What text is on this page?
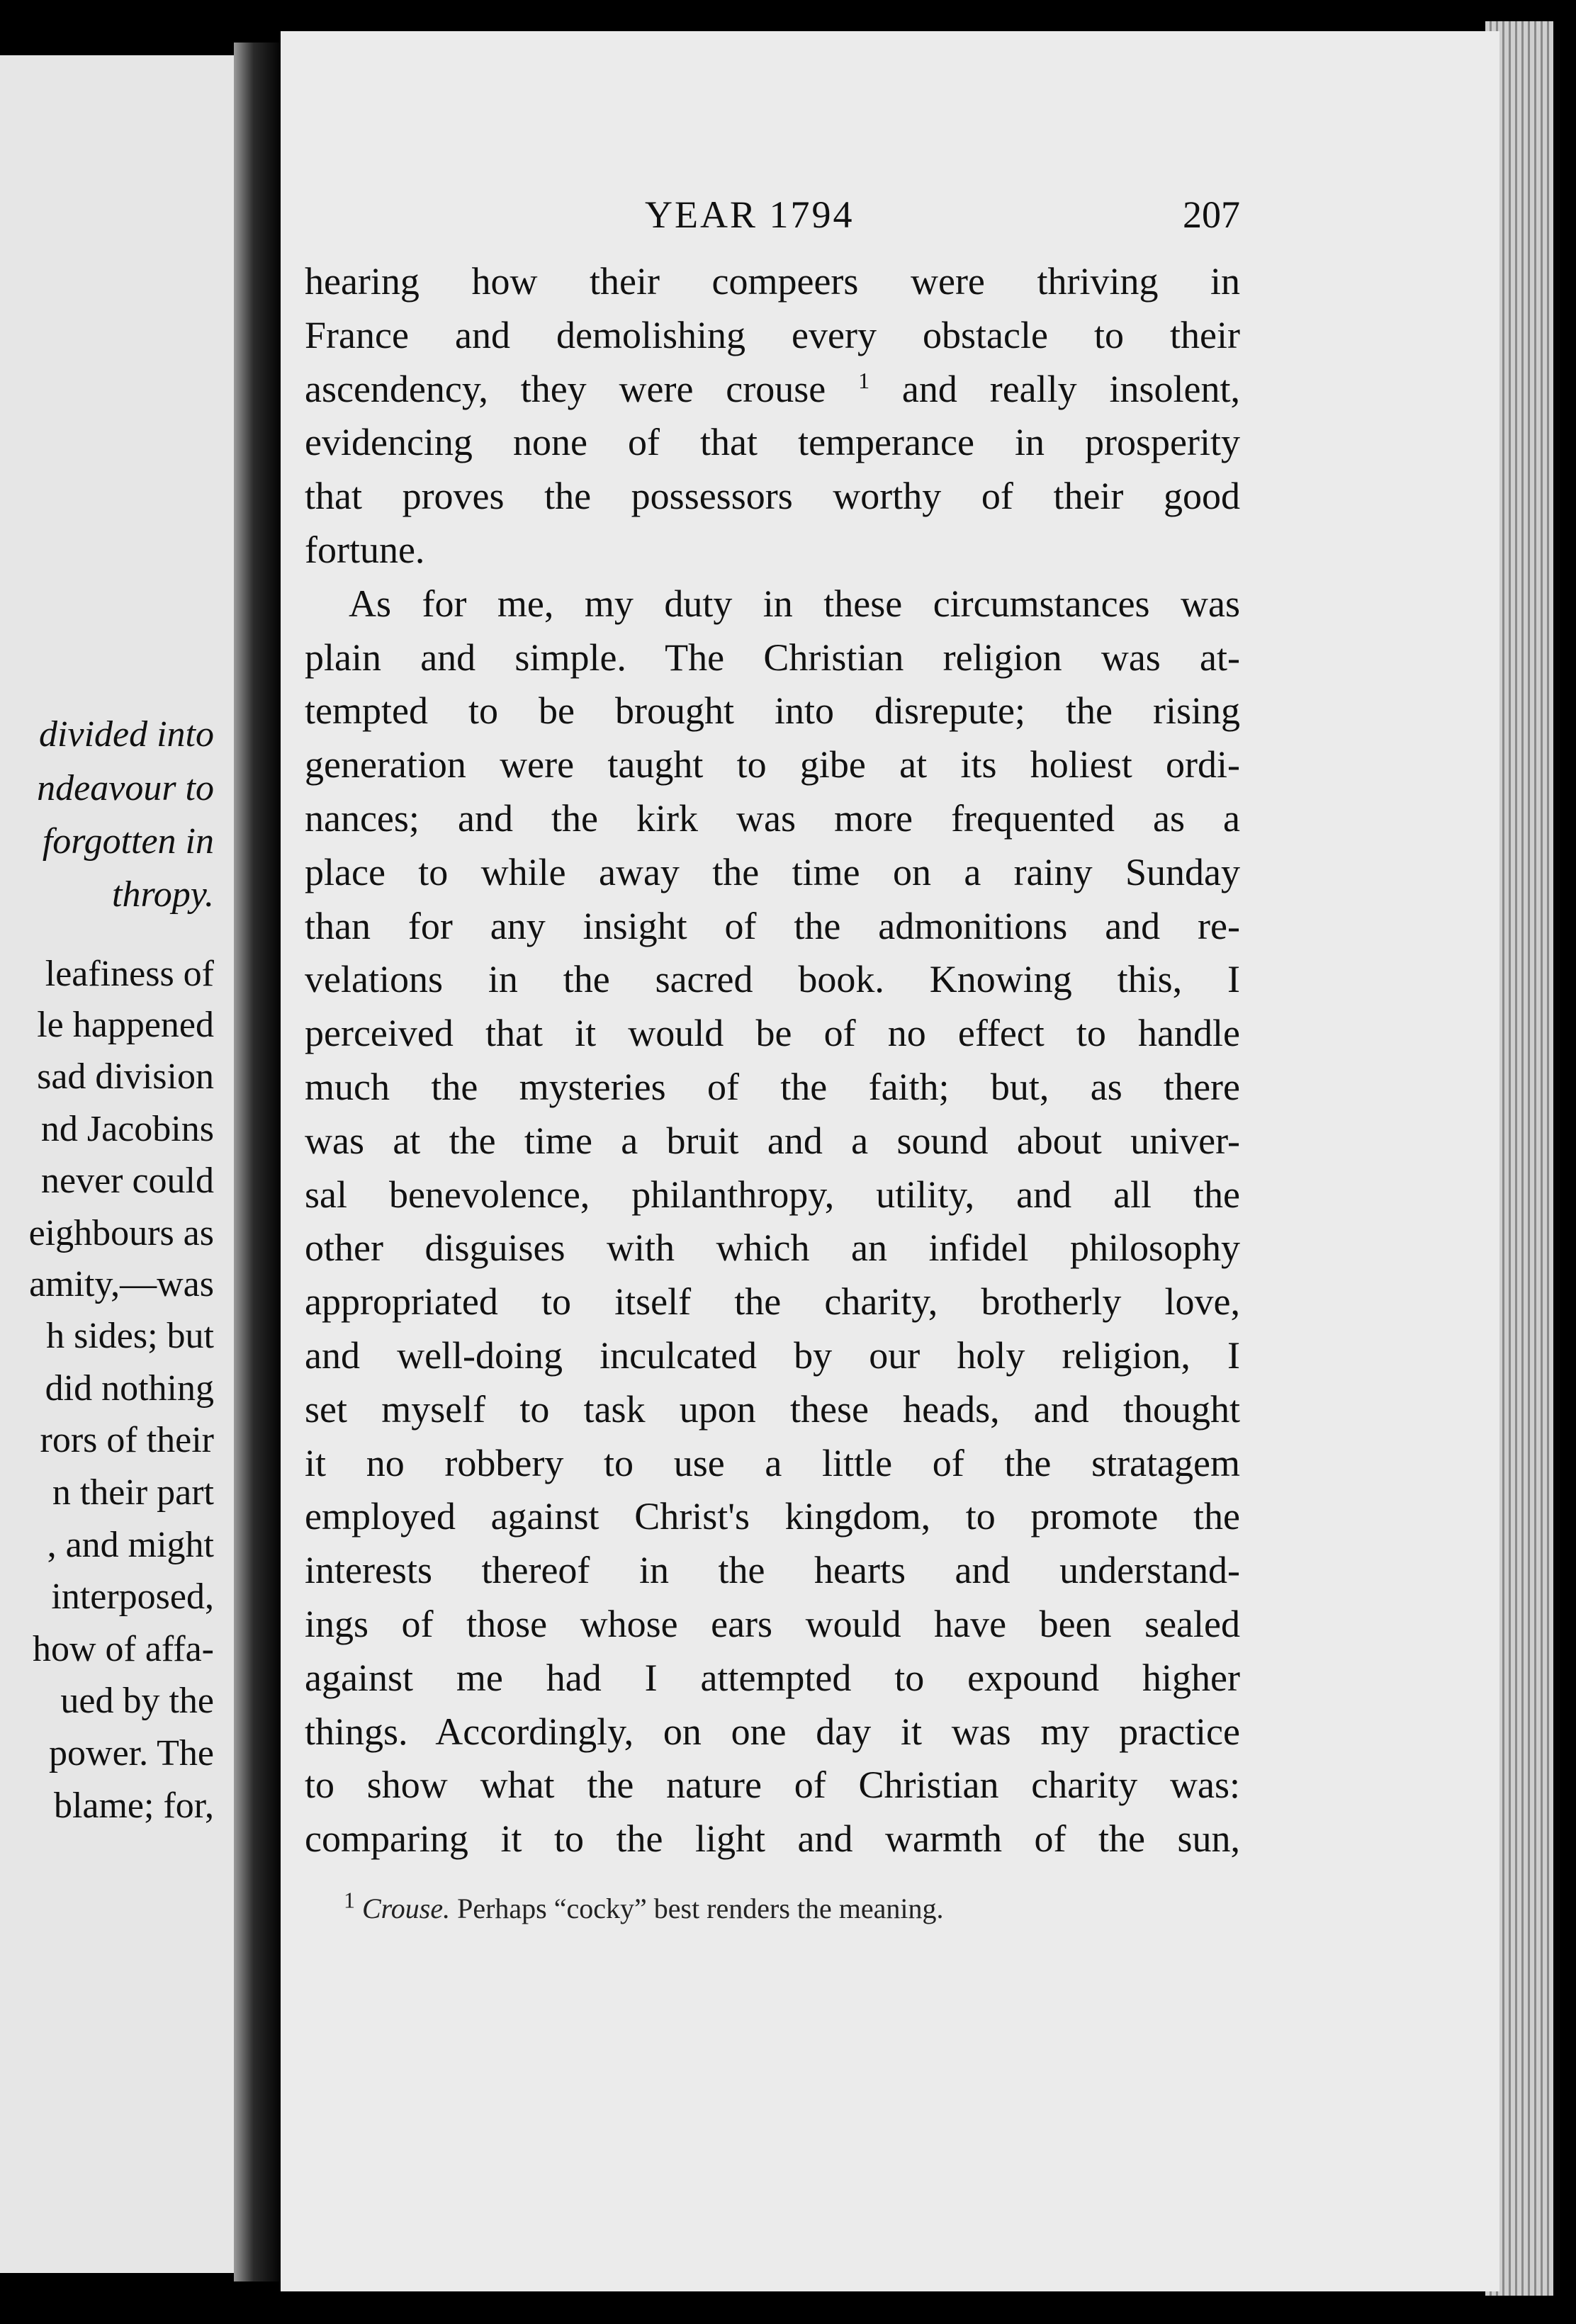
divided into
ndeavour to
forgotten in
thropy.
leafiness of
le happened
sad division
nd Jacobins
never could
eighbours as
amity,—was
h sides; but
did nothing
rors of their
n their part
, and might
interposed,
how of affa-
ued by the
power. The
blame; for,
YEAR 1794	207
hearing how their compeers were thriving in
France and demolishing every obstacle to their
ascendency, they were crouse $^1$ and really insolent,
evidencing none of that temperance in prosperity
that proves the possessors worthy of their good
fortune.
As for me, my duty in these circumstances was
plain and simple. The Christian religion was at-
tempted to be brought into disrepute; the rising
generation were taught to gibe at its holiest ordi-
nances; and the kirk was more frequented as a
place to while away the time on a rainy Sunday
than for any insight of the admonitions and re-
velations in the sacred book. Knowing this, I
perceived that it would be of no effect to handle
much the mysteries of the faith; but, as there
was at the time a bruit and a sound about univer-
sal benevolence, philanthropy, utility, and all the
other disguises with which an infidel philosophy
appropriated to itself the charity, brotherly love,
and well-doing inculcated by our holy religion, I
set myself to task upon these heads, and thought
it no robbery to use a little of the stratagem
employed against Christ's kingdom, to promote the
interests thereof in the hearts and understand-
ings of those whose ears would have been sealed
against me had I attempted to expound higher
things. Accordingly, on one day it was my practice
to show what the nature of Christian charity was:
comparing it to the light and warmth of the sun,
$^1$ Crouse. Perhaps “cocky” best renders the meaning.
